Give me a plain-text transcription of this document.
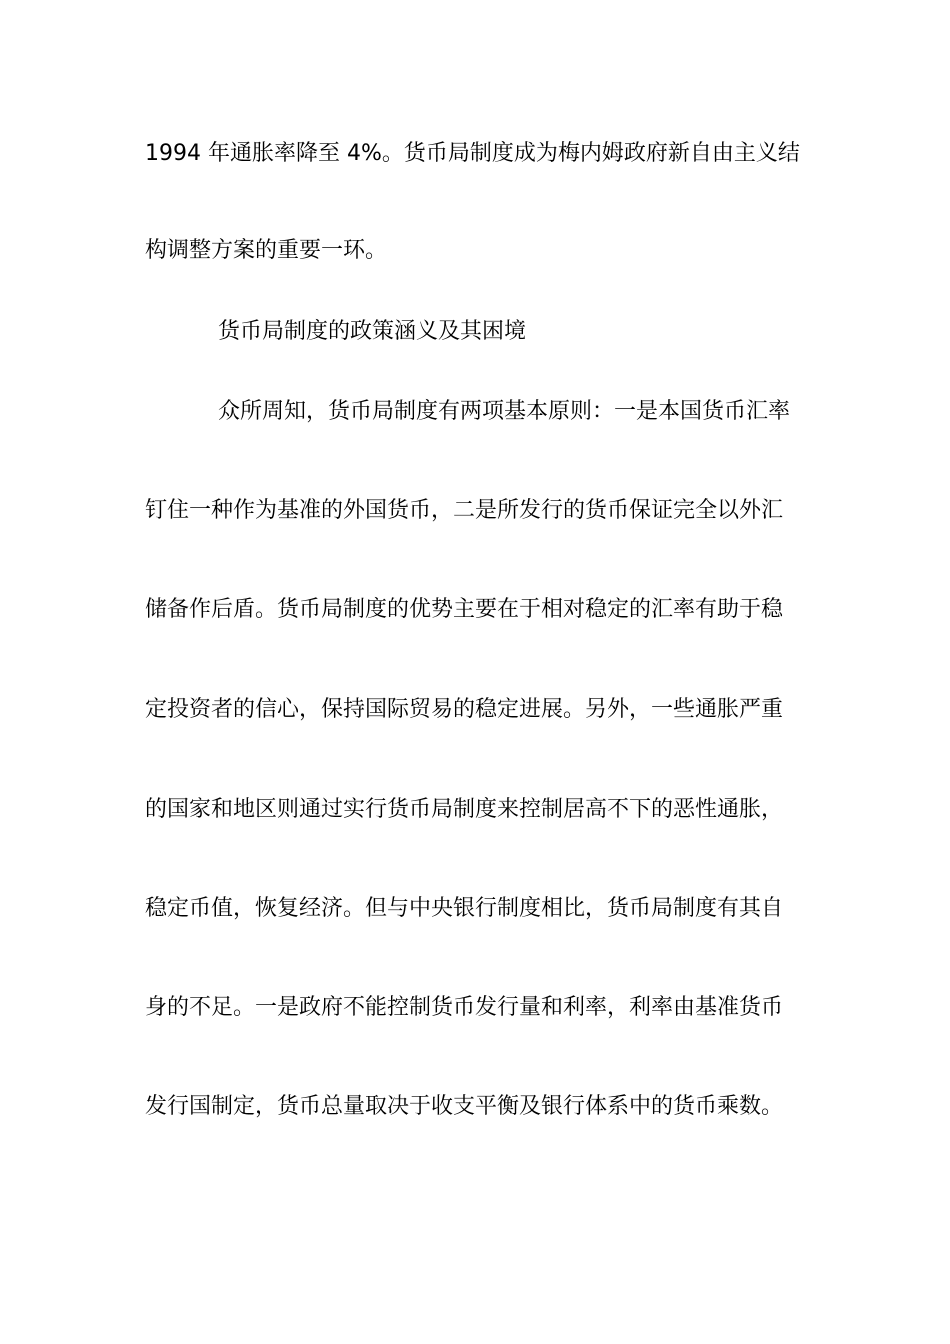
1994 年通胀率降至 4%。货币局制度成为梅内姆政府新自由主义结
构调整方案的重要一环。
货币局制度的政策涵义及其困境
众所周知，货币局制度有两项基本原则：一是本国货币汇率
钉住一种作为基准的外国货币，二是所发行的货币保证完全以外汇
储备作后盾。货币局制度的优势主要在于相对稳定的汇率有助于稳
定投资者的信心，保持国际贸易的稳定进展。另外，一些通胀严重
的国家和地区则通过实行货币局制度来控制居高不下的恶性通胀，
稳定币值，恢复经济。但与中央银行制度相比，货币局制度有其自
身的不足。一是政府不能控制货币发行量和利率，利率由基准货币
发行国制定，货币总量取决于收支平衡及银行体系中的货币乘数。
